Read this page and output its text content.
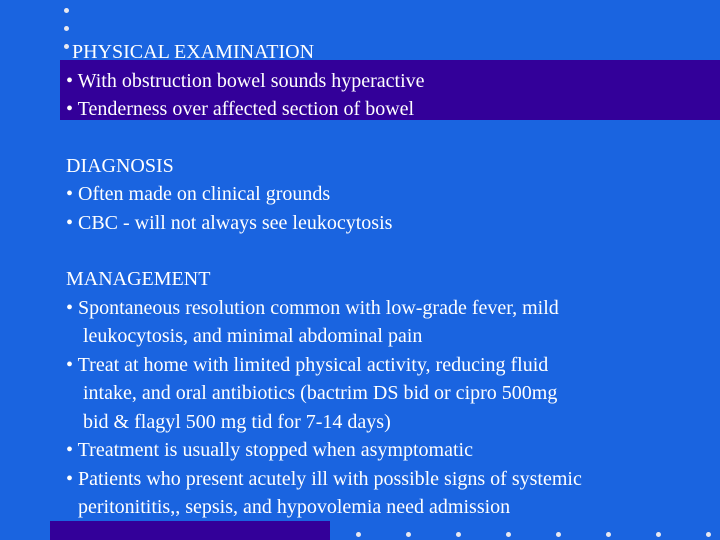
PHYSICAL EXAMINATION
• With obstruction bowel sounds hyperactive
• Tenderness over affected section of bowel
DIAGNOSIS
• Often made on clinical grounds
• CBC - will not always see leukocytosis
MANAGEMENT
• Spontaneous resolution common with low-grade fever, mild
leukocytosis, and minimal abdominal pain
• Treat at home with limited physical activity, reducing fluid
intake, and oral antibiotics (bactrim DS bid or cipro 500mg
bid & flagyl 500 mg tid for 7-14 days)
• Treatment is usually stopped when asymptomatic
• Patients who present acutely ill with possible signs of systemic
peritonititis,, sepsis, and hypovolemia need admission
